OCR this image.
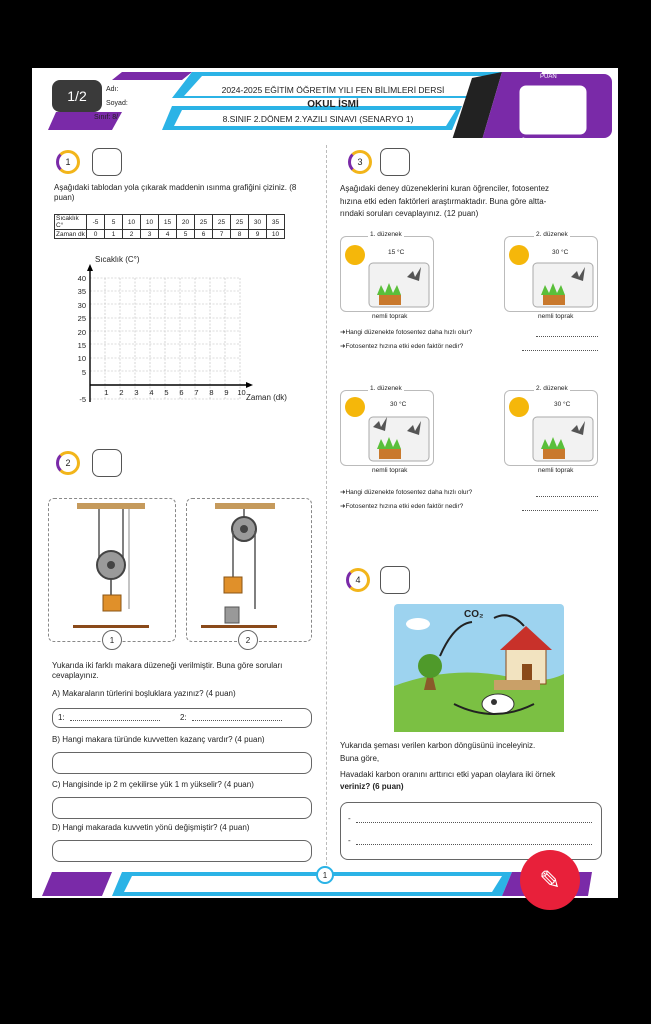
1/2	Adı:
Soyad:
Sınıf: 8/
2024-2025 EĞİTİM ÖĞRETİM YILI FEN BİLİMLERİ DERSİ
OKUL İSMİ
8.SINIF 2.DÖNEM 2.YAZILI SINAVI (SENARYO 1)
PUAN
1
Aşağıdaki tablodan yola çıkarak maddenin ısınma grafiğini çiziniz. (8 puan)
Sıcaklık C°	-5	5	10	10	15	20	25	25	25	30	35
Zaman dk	0	1	2	3	4	5	6	7	8	9	10
Sıcaklık (C°)
Zaman (dk)
40
35
30
25
20
15
10
5
-5
1	2	3	4	5	6	7	8	9	10
2
1	2
Yukarıda iki farklı makara düzeneği verilmiştir. Buna göre soruları cevaplayınız.
A) Makaraların türlerini boşluklara yazınız? (4 puan)
1:	2:
B) Hangi makara türünde kuvvetten kazanç vardır? (4 puan)
C) Hangisinde ip 2 m çekilirse yük 1 m yükselir? (4 puan)
D) Hangi makarada kuvvetin yönü değişmiştir? (4 puan)
3
Aşağıdaki deney düzeneklerini kuran öğrenciler, fotosentez
hızına etki eden faktörleri araştırmaktadır. Buna göre altta-
rındaki soruları cevaplayınız. (12 puan)
1. düzenek
15 °C
nemli toprak
2. düzenek
30 °C
nemli toprak
➜Hangi düzenekte fotosentez daha hızlı olur?
➜Fotosentez hızına etki eden faktör nedir?
1. düzenek
30 °C
nemli toprak
2. düzenek
30 °C
nemli toprak
➜Hangi düzenekte fotosentez daha hızlı olur?
➜Fotosentez hızına etki eden faktör nedir?
4
CO₂
Yukarıda şeması verilen karbon döngüsünü inceleyiniz.
Buna göre,
Havadaki karbon oranını arttırıcı etki yapan olaylara iki örnek
veriniz? (6 puan)
-
-
1	✎
